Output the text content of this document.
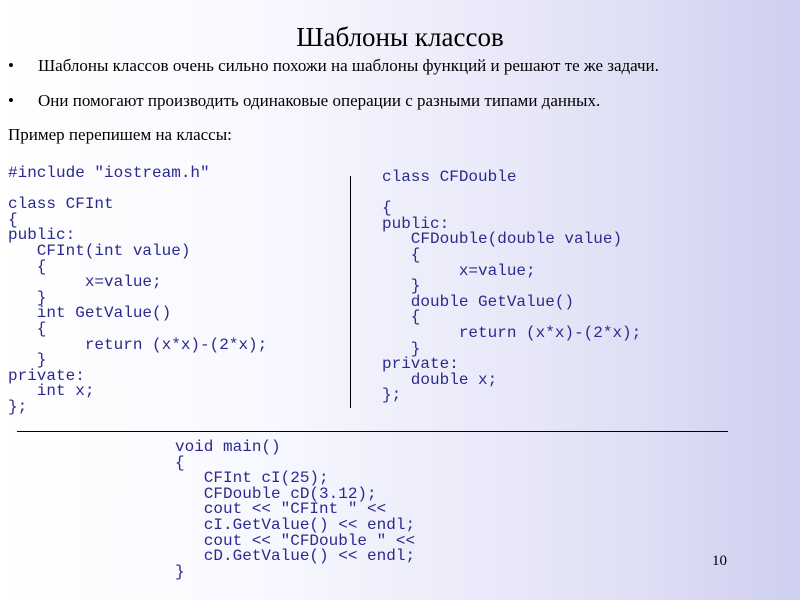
Шаблоны классов
• Шаблоны классов очень сильно похожи на шаблоны функций и решают те же задачи.
• Они помогают производить одинаковые операции с разными типами данных.
Пример перепишем на классы:
#include "iostream.h"

class CFInt
{
public:
CFInt(int value)
{
x=value;
}
int GetValue()
{
return (x*x)-(2*x);
}
private:
int x;
};
class CFDouble

{
public:
CFDouble(double value)
{
x=value;
}
double GetValue()
{
return (x*x)-(2*x);
}
private:
double x;
};
void main()
{
CFInt cI(25);
CFDouble cD(3.12);
cout << "CFInt " <<
cI.GetValue() << endl;
cout << "CFDouble " <<
cD.GetValue() << endl;
}
10
